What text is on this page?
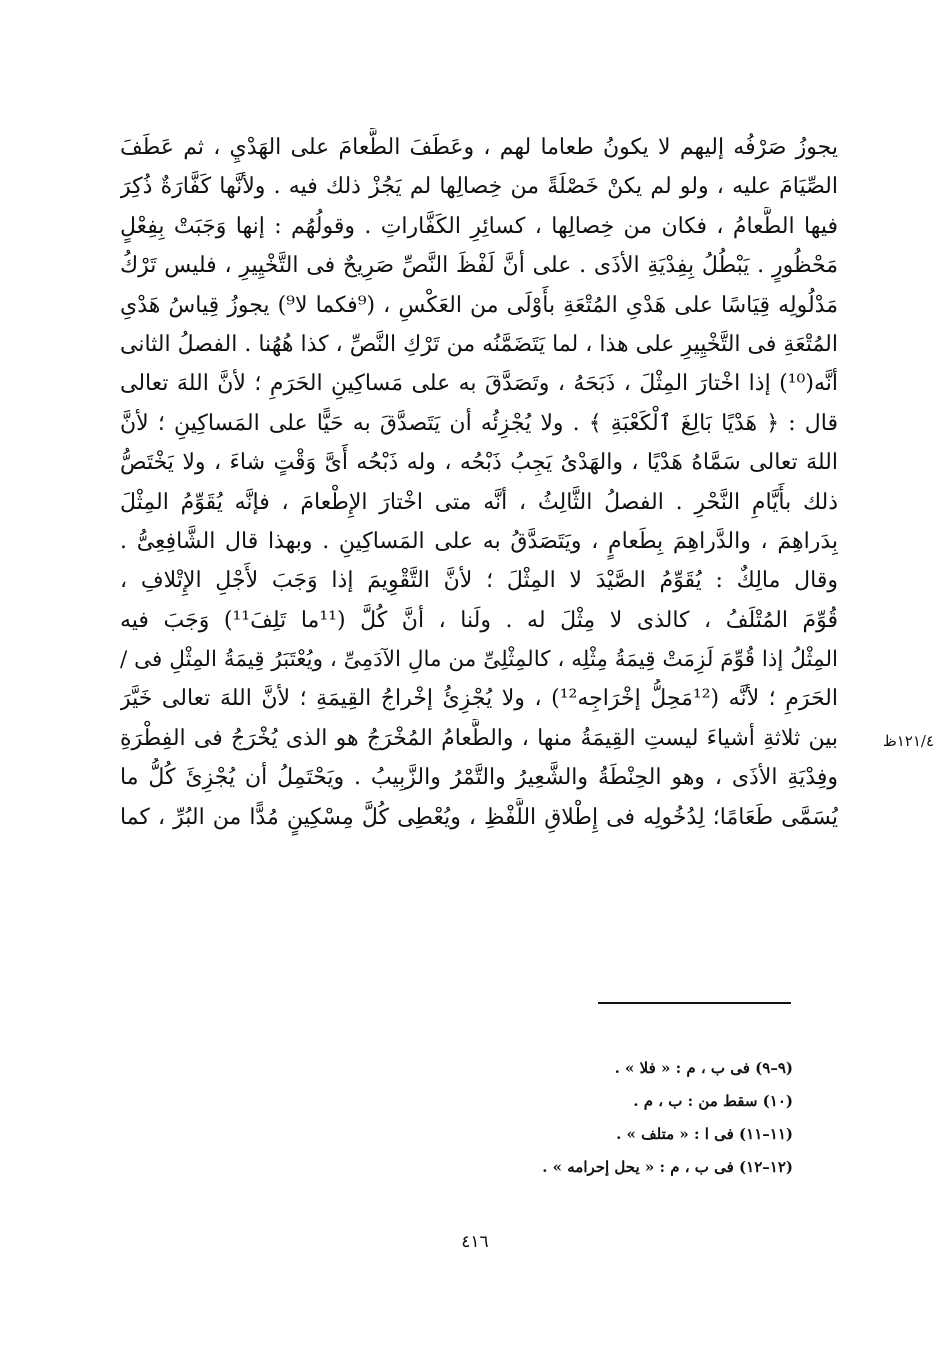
يجوزُ صَرْفُه إليهم لا يكونُ طعاما لهم ، وعَطَفَ الطَّعامَ على الهَدْيِ ، ثم عَطَفَ
الصِّيَامَ عليه ، ولو لم يكنْ خَصْلَةً من خِصالِها لم يَجُزْ ذلك فيه . ولأنَّها كَفَّارَةٌ ذُكِرَ
فيها الطَّعامُ ، فكان من خِصالِها ، كسائِرِ الكَفَّاراتِ . وقولُهُم : إنها وَجَبَتْ بِفِعْلٍ
مَحْظُورٍ . يَبْطُلُ بِفِدْيَةِ الأذَى . على أنَّ لَفْظَ النَّصِّ صَرِيحٌ فى التَّخْيِيرِ ، فليس تَرْكُ
مَدْلُولِه قِيَاسًا على هَدْىِ المُتْعَةِ بأَوْلَى من العَكْسِ ، (⁹فكما لا⁹) يجوزُ قِياسُ هَدْىِ
المُتْعَةِ فى التَّخْيِيرِ على هذا ، لما يَتَضَمَّنُه من تَرْكِ النَّصِّ ، كذا هُهُنا . الفصلُ الثانى
أنَّه(¹⁰) إذا اخْتارَ المِثْلَ ، ذَبَحَهُ ، وتَصَدَّقَ به على مَساكِينِ الحَرَمِ ؛ لأنَّ اللهَ تعالى
قال : ﴿ هَدْيًا بَالِغَ ٱلْكَعْبَةِ ﴾ . ولا يُجْزِئُه أن يَتَصدَّقَ به حَيًّا على المَساكِينِ ؛ لأنَّ
اللهَ تعالى سَمَّاهُ هَدْيًا ، والهَدْىُ يَجِبُ ذَبْحُه ، وله ذَبْحُه أَىَّ وَقْتٍ شاءَ ، ولا يَخْتَصُّ
ذلك بأَيَّامِ النَّحْرِ . الفصلُ الثَّالِثُ ، أنَّه متى اخْتارَ الإِطْعامَ ، فإنَّه يُقَوِّمُ المِثْلَ
بِدَراهِمَ ، والدَّراهِمَ بِطَعامٍ ، ويَتَصَدَّقُ به على المَساكِينِ . وبهذا قال الشَّافِعِىُّ .
وقال مالِكٌ : يُقَوِّمُ الصَّيْدَ لا المِثْلَ ؛ لأنَّ التَّقْوِيمَ إذا وَجَبَ لأَجْلِ الإِتْلافِ ،
قُوِّمَ المُتْلَفُ ، كالذى لا مِثْلَ له . ولَنا ، أنَّ كُلَّ (¹¹ما تَلِفَ¹¹) وَجَبَ فيه
المِثْلُ إذا قُوِّمَ لَزِمَتْ قِيمَةُ مِثْلِه ، كالمِثْلِىِّ من مالِ الآدَمِىِّ ، ويُعْتَبَرُ قِيمَةُ المِثْلِ فى /
الحَرَمِ ؛ لأنَّه (¹²مَحِلُّ إخْرَاجِه¹²) ، ولا يُجْزِئُ إخْراجُ القِيمَةِ ؛ لأنَّ اللهَ تعالى خَيَّرَ
بين ثلاثةِ أشياءَ ليستِ القِيمَةُ منها ، والطَّعامُ المُخْرَجُ هو الذى يُخْرَجُ فى الفِطْرَةِ
وفِدْيَةِ الأذَى ، وهو الحِنْطَةُ والشَّعِيرُ والتَّمْرُ والزَّبِيبُ . ويَحْتَمِلُ أن يُجْزِئَ كُلُّ ما
يُسَمَّى طَعَامًا؛ لِدُخُولِه فى إِطْلاقِ اللَّفْظِ ، ويُعْطِى كُلَّ مِسْكِينٍ مُدًّا من البُرِّ ، كما
١٢١/٤ظ
(٩–٩) فى ب ، م : « فلا » .
(١٠) سقط من : ب ، م .
(١١–١١) فى ا : « متلف » .
(١٢–١٢) فى ب ، م : « يحل إحرامه » .
٤١٦
